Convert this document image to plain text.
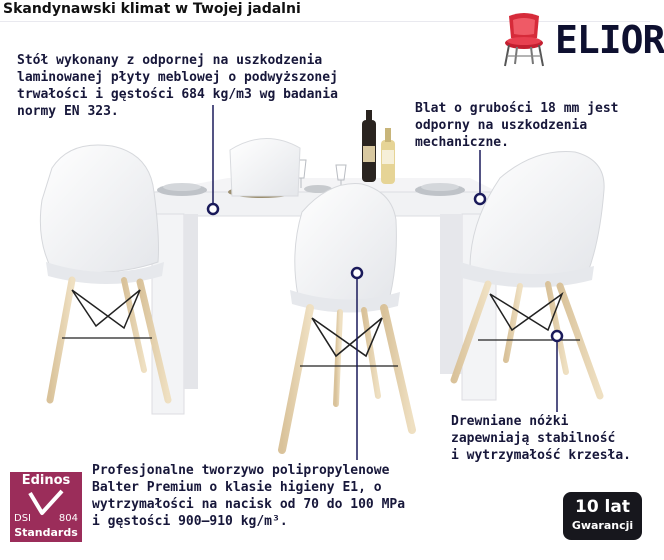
Skandynawski klimat w Twojej jadalni
ELIOR
Stół wykonany z odpornej na uszkodzenia
laminowanej płyty meblowej o podwyższonej
trwałości i gęstości 684 kg/m3 wg badania
normy EN 323.	Blat o grubości 18 mm jest
odporny na uszkodzenia
mechaniczne.
Drewniane nóżki
zapewniają stabilność
i wytrzymałość krzesła.
Profesjonalne tworzywo polipropylenowe
Balter Premium o klasie higieny E1, o
wytrzymałości na nacisk od 70 do 100 MPa
i gęstości 900–910 kg/m³.
Edinos
DSI	804
Standards
10 lat
Gwarancji
